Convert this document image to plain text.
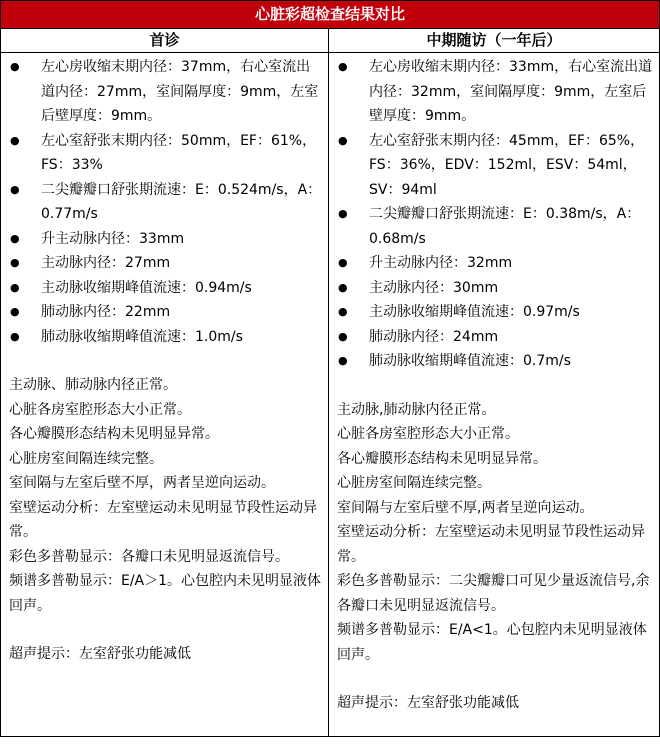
心脏彩超检查结果对比
首诊	中期随访（一年后）
● 左心房收缩末期内径：37mm，右心室流出道内径：27mm，室间隔厚度：9mm，左室后壁厚度：9mm。
● 左心室舒张末期内径：50mm，EF：61%，FS：33%
● 二尖瓣瓣口舒张期流速：E：0.524m/s，A：0.77m/s
● 升主动脉内径：33mm
● 主动脉内径：27mm
● 主动脉收缩期峰值流速：0.94m/s
● 肺动脉内径：22mm
● 肺动脉收缩期峰值流速：1.0m/s

主动脉、肺动脉内径正常。

心脏各房室腔形态大小正常。

各心瓣膜形态结构未见明显异常。

心脏房室间隔连续完整。

室间隔与左室后壁不厚，两者呈逆向运动。

室壁运动分析：左室壁运动未见明显节段性运动异常。

彩色多普勒显示：各瓣口未见明显返流信号。

频谱多普勒显示：E/A＞1。心包腔内未见明显液体回声。

超声提示：左室舒张功能减低

● 左心房收缩末期内径：33mm，右心室流出道内径：32mm，室间隔厚度：9mm，左室后壁厚度：9mm。
● 左心室舒张末期内径：45mm，EF：65%，FS：36%，EDV：152ml，ESV：54ml，SV：94ml
● 二尖瓣瓣口舒张期流速：E：0.38m/s，A：0.68m/s
● 升主动脉内径：32mm
● 主动脉内径：30mm
● 主动脉收缩期峰值流速：0.97m/s
● 肺动脉内径：24mm
● 肺动脉收缩期峰值流速：0.7m/s

主动脉,肺动脉内径正常。

心脏各房室腔形态大小正常。

各心瓣膜形态结构未见明显异常。

心脏房室间隔连续完整。

室间隔与左室后壁不厚,两者呈逆向运动。

室壁运动分析：左室壁运动未见明显节段性运动异常。

彩色多普勒显示：二尖瓣瓣口可见少量返流信号,余各瓣口未见明显返流信号。

频谱多普勒显示：E/A<1。心包腔内未见明显液体回声。

超声提示：左室舒张功能减低
